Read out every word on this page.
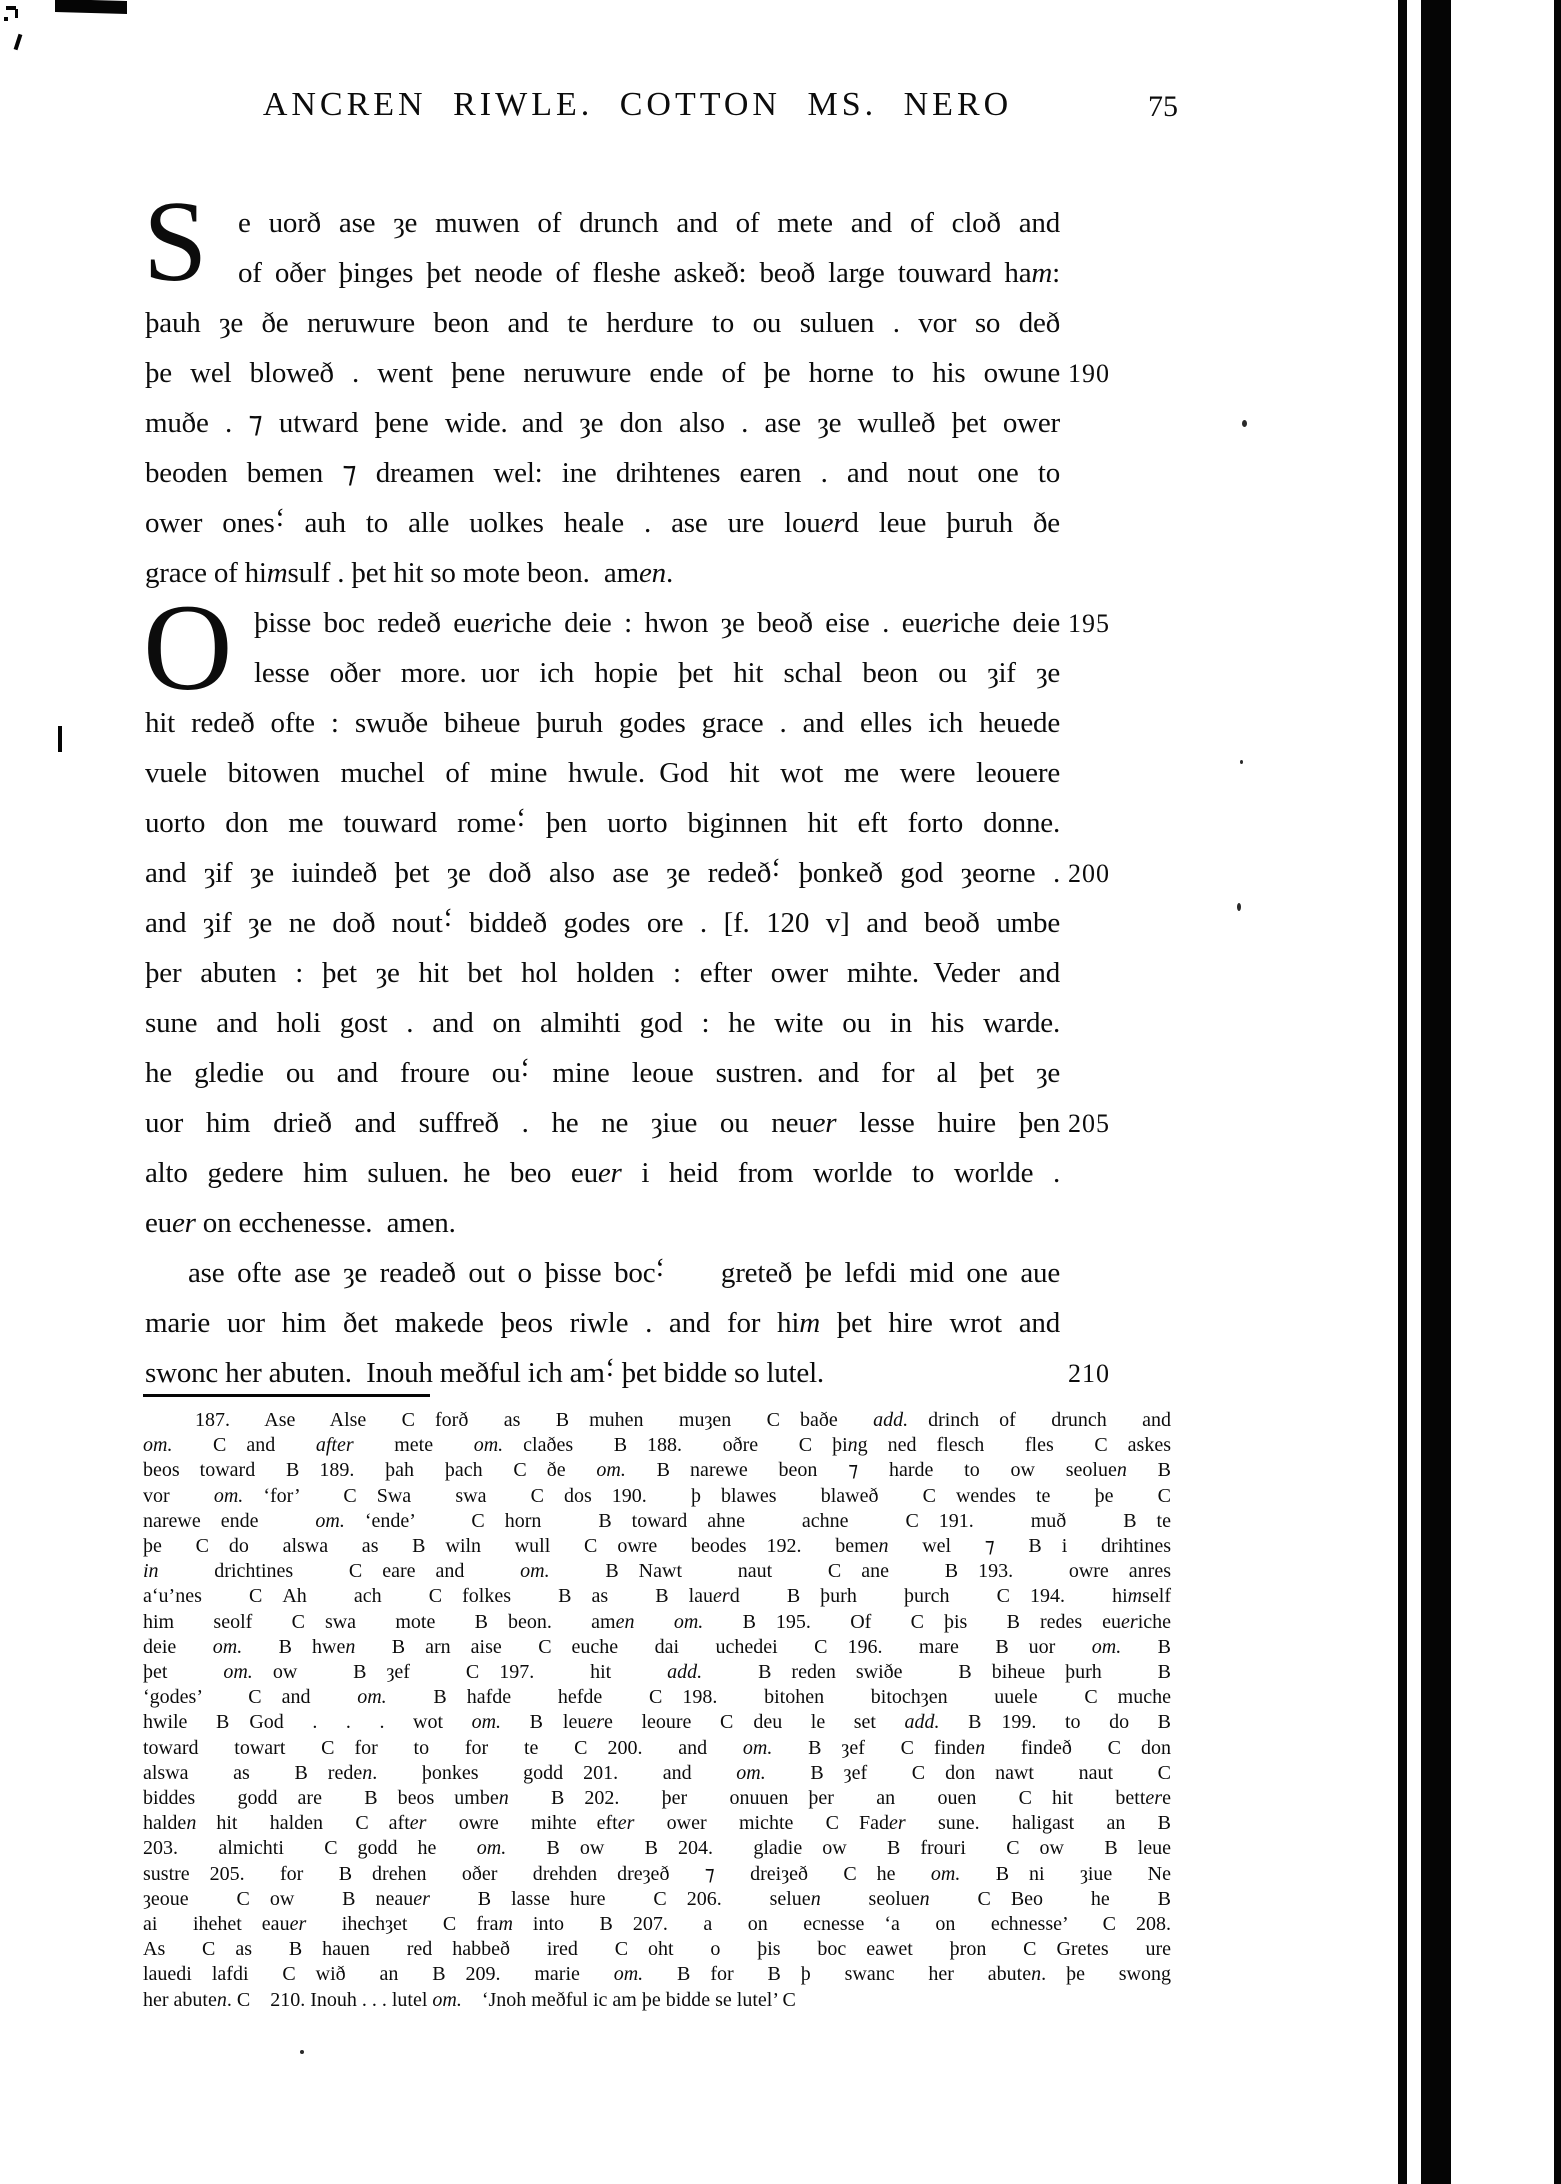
ANCREN RIWLE. COTTON MS. NERO	75
S	e uorð ase ȝe muwen of drunch and of mete and of cloð and
of oðer þinges þet neode of fleshe askeð: beoð large touward ham:
þauh ȝe ðe neruwure beon and te herdure to ou suluen . vor so deð
þe wel bloweð . went þene neruwure ende of þe horne to his owune 190
muðe . ⁊ utward þene wide. and ȝe don also . ase ȝe wulleð þet ower
beoden bemen ⁊ dreamen wel: ine drihtenes earen . and nout one to
ower ones; auh to alle uolkes heale . ase ure louerd leue þuruh ðe
grace of himsulf . þet hit so mote beon. amen.
O þisse boc redeð eueriche deie : hwon ȝe beoð eise . eueriche deie 195
lesse oðer more. uor ich hopie þet hit schal beon ou ȝif ȝe
hit redeð ofte : swuðe biheue þuruh godes grace . and elles ich heuede
vuele bitowen muchel of mine hwule. God hit wot me were leouere
uorto don me touward rome; þen uorto biginnen hit eft forto donne.
and ȝif ȝe iuindeð þet ȝe doð also ase ȝe redeð; þonkeð god ȝeorne . 200
and ȝif ȝe ne doð nout; biddeð godes ore . [f. 120 v] and beoð umbe
þer abuten : þet ȝe hit bet hol holden : efter ower mihte. Veder and
sune and holi gost . and on almihti god : he wite ou in his warde.
he gledie ou and froure ou; mine leoue sustren. and for al þet ȝe
uor him drieð and suffreð . he ne ȝiue ou neuer lesse huire þen 205
alto gedere him suluen. he beo euer i heid from worlde to worlde .
euer on ecchenesse. amen.
ase ofte ase ȝe readeð out o þisse boc; greteð þe lefdi mid one aue
marie uor him ðet makede þeos riwle . and for him þet hire wrot and
swonc her abuten. Inouh meðful ich am; þet bidde so lutel.	210
187. Ase Alse C forð as B muhen muȝen C baðe add. drinch of drunch and
om. C and after mete om. claðes B 188. oðre C þing ned flesch fles C askes
beos toward B 189. þah þach C ðe om. B narewe beon ⁊ harde to ow seoluen B
vor om. ‘for’ C Swa swa C dos 190. þ blawes blaweð C wendes te þe C
narewe ende om. ‘ende’ C horn B toward ahne achne C 191. muð B te
þe C do alswa as B wiln wull C owre beodes 192. bemen wel ⁊ B i drihtines
in drichtines C eare and om. B Nawt naut C ane B 193. owre anres
a‘u’nes C Ah ach C folkes B as B lauerd B þurh þurch C 194. himself
him seolf C swa mote B beon. amen om. B 195. Of C þis B redes eueriche
deie om. B hwen B arn aise C euche dai uchedei C 196. mare B uor om. B
þet om. ow B ȝef C 197. hit add. B reden swiðe B biheue þurh B
‘godes’ C and om. B hafde hefde C 198. bitohen bitochȝen uuele C muche
hwile B God . . . wot om. B leuere leoure C deu le set add. B 199. to do B
toward towart C for to for te C 200. and om. B ȝef C finden findeð C don
alswa as B reden. þonkes godd 201. and om. B ȝef C don nawt naut C
biddes godd are B beos umben B 202. þer onuuen þer an ouen C hit bettere
halden hit halden C after owre mihte efter ower michte C Fader sune. haligast an B
203. almichti C godd he om. B ow B 204. gladie ow B frouri C ow B leue
sustre 205. for B drehen oðer drehden dreȝeð ⁊ dreiȝeð C he om. B ni ȝiue Ne
ȝeoue C ow B neauer B lasse hure C 206. seluen seoluen C Beo he B
ai ihehet eauer ihechȝet C fram into B 207. a on ecnesse ‘a on echnesse’ C 208.
As C as B hauen red habbeð ired C oht o þis boc eawet þron C Gretes ure
lauedi lafdi C wið an B 209. marie om. B for B þ swanc her abuten. þe swong
her abuten. C 210. Inouh . . . lutel om. ‘Jnoh meðful ic am þe bidde se lutel’ C
